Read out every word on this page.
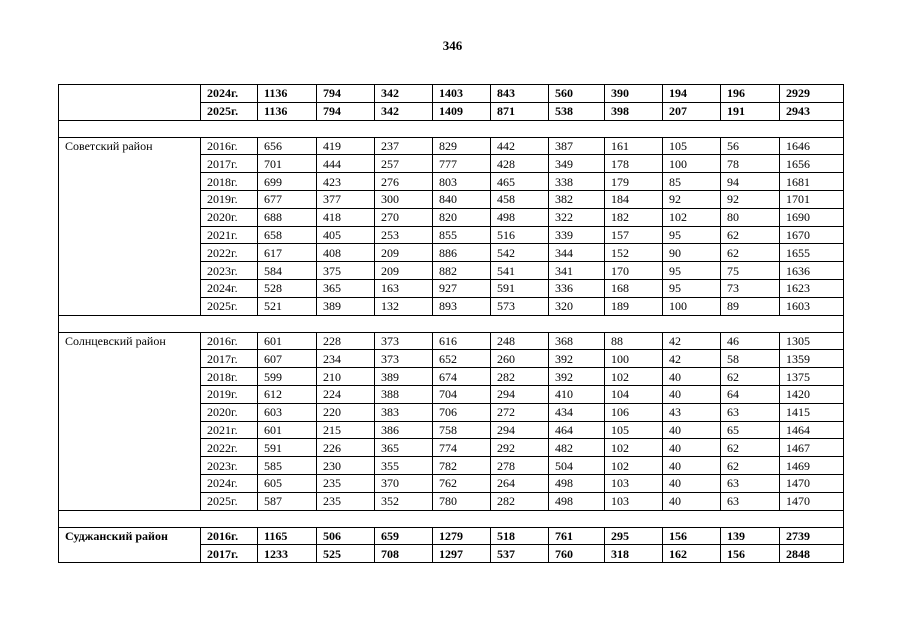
346
	2024г.	1136	794	342	1403	843	560	390	194	196	2929
	2025г.	1136	794	342	1409	871	538	398	207	191	2943

Советский район	2016г.	656	419	237	829	442	387	161	105	56	1646
	2017г.	701	444	257	777	428	349	178	100	78	1656
	2018г.	699	423	276	803	465	338	179	85	94	1681
	2019г.	677	377	300	840	458	382	184	92	92	1701
	2020г.	688	418	270	820	498	322	182	102	80	1690
	2021г.	658	405	253	855	516	339	157	95	62	1670
	2022г.	617	408	209	886	542	344	152	90	62	1655
	2023г.	584	375	209	882	541	341	170	95	75	1636
	2024г.	528	365	163	927	591	336	168	95	73	1623
	2025г.	521	389	132	893	573	320	189	100	89	1603

Солнцевский район	2016г.	601	228	373	616	248	368	88	42	46	1305
	2017г.	607	234	373	652	260	392	100	42	58	1359
	2018г.	599	210	389	674	282	392	102	40	62	1375
	2019г.	612	224	388	704	294	410	104	40	64	1420
	2020г.	603	220	383	706	272	434	106	43	63	1415
	2021г.	601	215	386	758	294	464	105	40	65	1464
	2022г.	591	226	365	774	292	482	102	40	62	1467
	2023г.	585	230	355	782	278	504	102	40	62	1469
	2024г.	605	235	370	762	264	498	103	40	63	1470
	2025г.	587	235	352	780	282	498	103	40	63	1470

Суджанский район	2016г.	1165	506	659	1279	518	761	295	156	139	2739
	2017г.	1233	525	708	1297	537	760	318	162	156	2848
